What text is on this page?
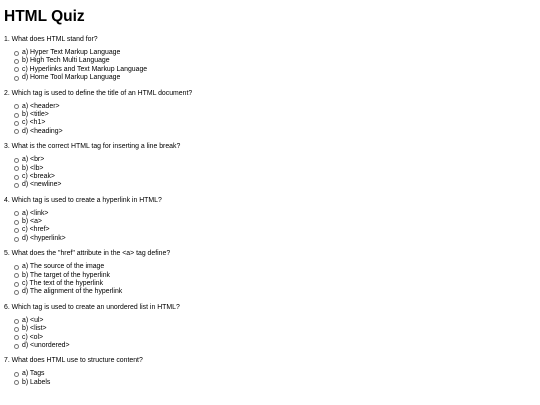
HTML Quiz
1. What does HTML stand for?
a) Hyper Text Markup Language
b) High Tech Multi Language
c) Hyperlinks and Text Markup Language
d) Home Tool Markup Language
2. Which tag is used to define the title of an HTML document?
a) <header>
b) <title>
c) <h1>
d) <heading>
3. What is the correct HTML tag for inserting a line break?
a) <br>
b) <lb>
c) <break>
d) <newline>
4. Which tag is used to create a hyperlink in HTML?
a) <link>
b) <a>
c) <href>
d) <hyperlink>
5. What does the "href" attribute in the <a> tag define?
a) The source of the image
b) The target of the hyperlink
c) The text of the hyperlink
d) The alignment of the hyperlink
6. Which tag is used to create an unordered list in HTML?
a) <ul>
b) <list>
c) <ol>
d) <unordered>
7. What does HTML use to structure content?
a) Tags
b) Labels
